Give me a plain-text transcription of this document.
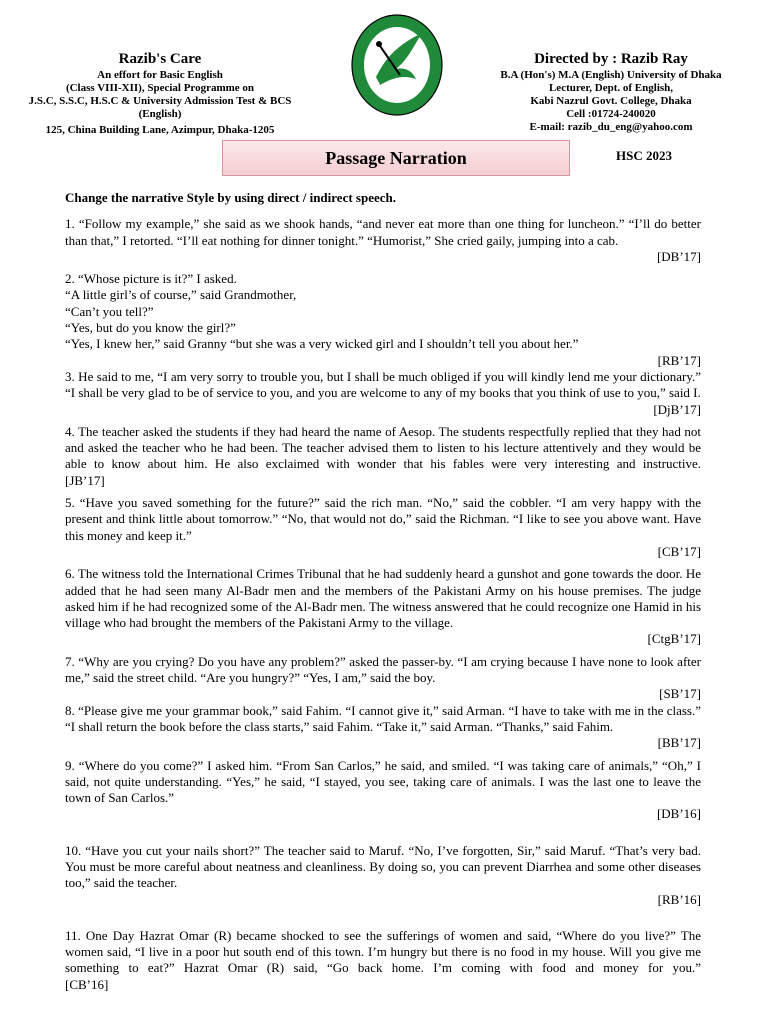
Razib's Care
An effort for Basic English
(Class VIII-XII), Special Programme on
J.S.C, S.S.C, H.S.C & University Admission Test & BCS
(English)
125, China Building Lane, Azimpur, Dhaka-1205
RAZIB'S CARE
Directed by : Razib Ray
B.A (Hon's) M.A (English) University of Dhaka
Lecturer, Dept. of English,
Kabi Nazrul Govt. College, Dhaka
Cell :01724-240020
E-mail: razib_du_eng@yahoo.com
Passage Narration	HSC 2023

Change the narrative Style by using direct / indirect speech.

1. “Follow my example,” she said as we shook hands, “and never eat more than one thing for luncheon.” “I’ll do better than that,” I retorted. “I’ll eat nothing for dinner tonight.” “Humorist,” She cried gaily, jumping into a cab.

[DB’17]

2. “Whose picture is it?” I asked.

“A little girl’s of course,” said Grandmother,

“Can’t you tell?”

“Yes, but do you know the girl?”

“Yes, I knew her,” said Granny “but she was a very wicked girl and I shouldn’t tell you about her.”

[RB’17]

3. He said to me, “I am very sorry to trouble you, but I shall be much obliged if you will kindly lend me your dictionary.” “I shall be very glad to be of service to you, and you are welcome to any of my books that you think of use to you,” said I.

[DjB’17]

4. The teacher asked the students if they had heard the name of Aesop. The students respectfully replied that they had not and asked the teacher who he had been. The teacher advised them to listen to his lecture attentively and they would be able to know about him. He also exclaimed with wonder that his fables were very interesting and instructive.

[JB’17]

5. “Have you saved something for the future?” said the rich man. “No,” said the cobbler. “I am very happy with the present and think little about tomorrow.” “No, that would not do,” said the Richman. “I like to see you above want. Have this money and keep it.”

[CB’17]

6. The witness told the International Crimes Tribunal that he had suddenly heard a gunshot and gone towards the door. He added that he had seen many Al-Badr men and the members of the Pakistani Army on his house premises. The judge asked him if he had recognized some of the Al-Badr men. The witness answered that he could recognize one Hamid in his village who had brought the members of the Pakistani Army to the village.

[CtgB’17]

7. “Why are you crying? Do you have any problem?” asked the passer-by. “I am crying because I have none to look after me,” said the street child. “Are you hungry?” “Yes, I am,” said the boy.

[SB’17]

8. “Please give me your grammar book,” said Fahim. “I cannot give it,” said Arman. “I have to take with me in the class.” “I shall return the book before the class starts,” said Fahim. “Take it,” said Arman. “Thanks,” said Fahim.

[BB’17]

9. “Where do you come?” I asked him. “From San Carlos,” he said, and smiled. “I was taking care of animals,” “Oh,” I said, not quite understanding. “Yes,” he said, “I stayed, you see, taking care of animals. I was the last one to leave the town of San Carlos.”

[DB’16]

10. “Have you cut your nails short?” The teacher said to Maruf. “No, I’ve forgotten, Sir,” said Maruf. “That’s very bad. You must be more careful about neatness and cleanliness. By doing so, you can prevent Diarrhea and some other diseases too,” said the teacher.

[RB’16]

11. One Day Hazrat Omar (R) became shocked to see the sufferings of women and said, “Where do you live?” The women said, “I live in a poor hut south end of this town. I’m hungry but there is no food in my house. Will you give me something to eat?” Hazrat Omar (R) said, “Go back home. I’m coming with food and money for you.”

[CB’16]
